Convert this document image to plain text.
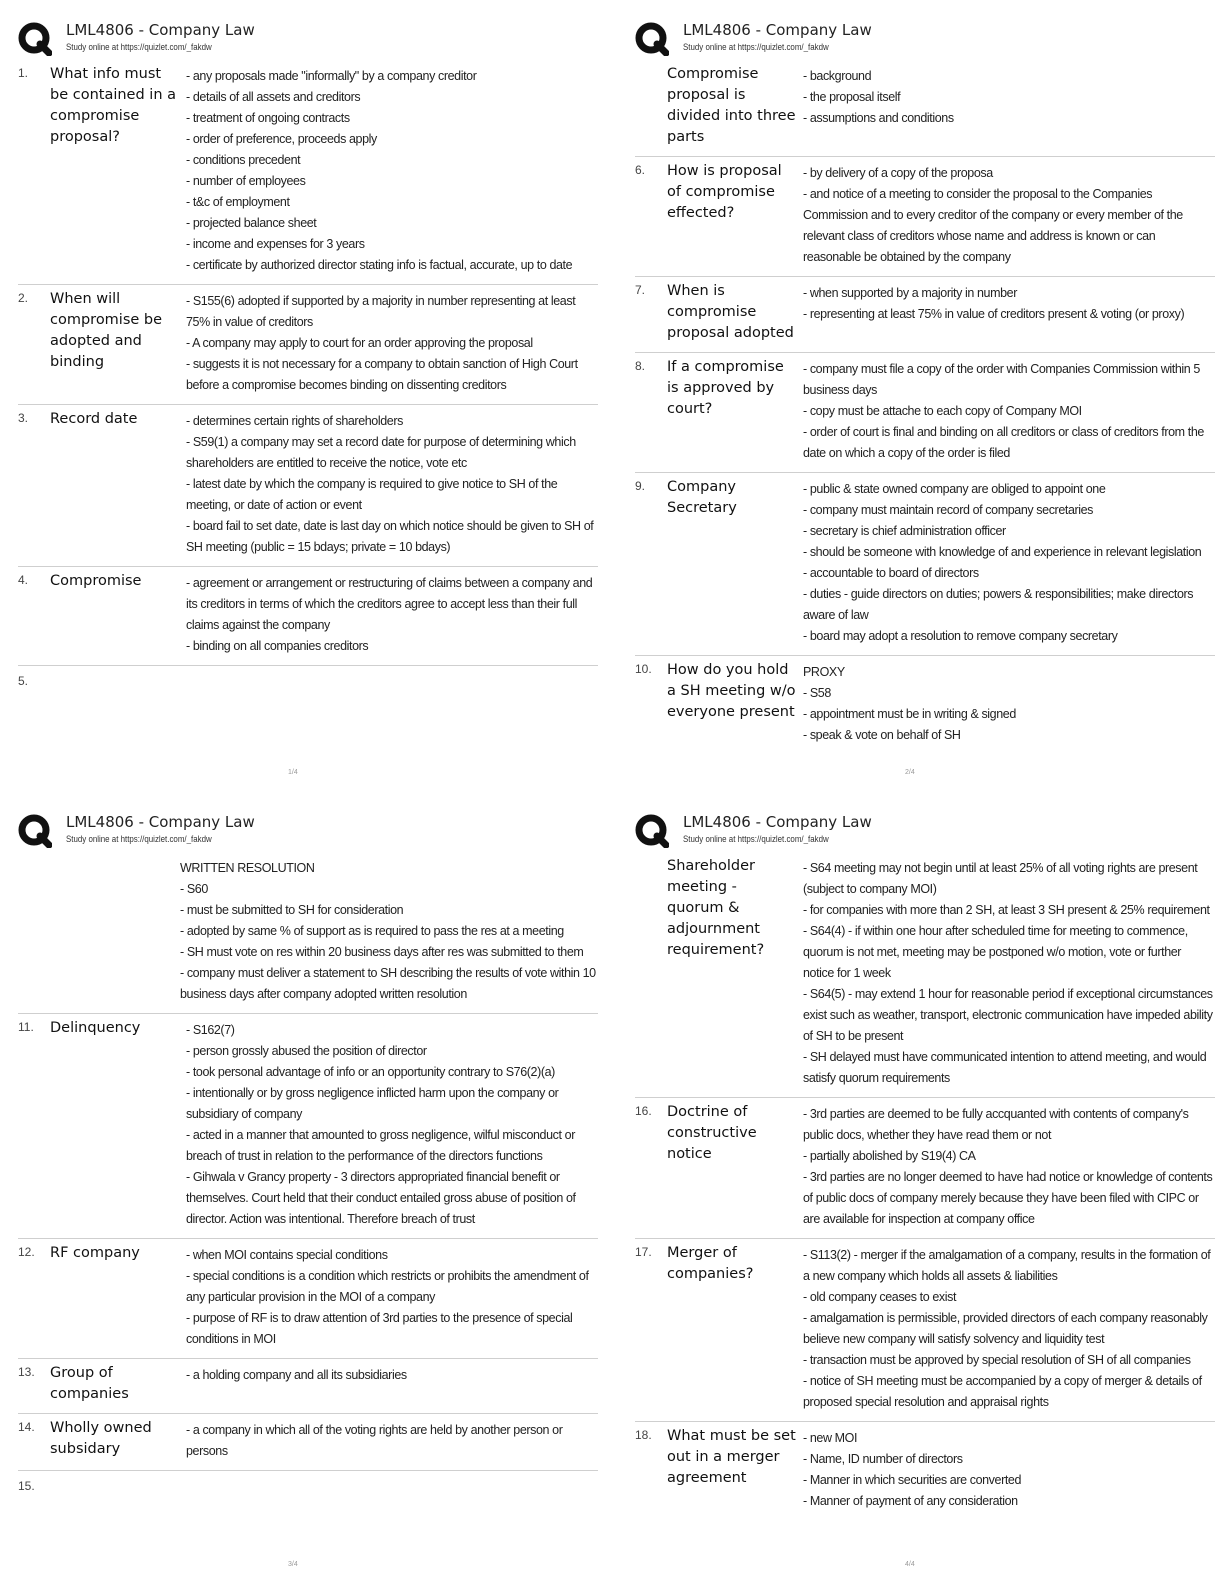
LML4806 - Company Law
Study online at https://quizlet.com/_fakdw
1.	What info must be contained in a compromise proposal?
- any proposals made "informally" by a company creditor
- details of all assets and creditors
- treatment of ongoing contracts
- order of preference, proceeds apply
- conditions precedent
- number of employees
- t&c of employment
- projected balance sheet
- income and expenses for 3 years
- certificate by authorized director stating info is factual, accurate, up to date
2.	When will compromise be adopted and binding
- S155(6) adopted if supported by a majority in number representing at least 75% in value of creditors
- A company may apply to court for an order approving the proposal
- suggests it is not necessary for a company to obtain sanction of High Court before a compromise becomes binding on dissenting creditors
3.	Record date	- determines certain rights of shareholders
- S59(1) a company may set a record date for purpose of determining which shareholders are entitled to receive the notice, vote etc
- latest date by which the company is required to give notice to SH of the meeting, or date of action or event
- board fail to set date, date is last day on which notice should be given to SH of SH meeting (public = 15 bdays; private = 10 bdays)
4.	Compromise	- agreement or arrangement or restructuring of claims between a company and its creditors in terms of which the creditors agree to accept less than their full claims against the company
- binding on all companies creditors
5.
1/4
LML4806 - Company Law
Study online at https://quizlet.com/_fakdw
Compromise proposal is divided into three parts
- background
- the proposal itself
- assumptions and conditions
6.	How is proposal of compromise effected?
- by delivery of a copy of the proposa
- and notice of a meeting to consider the proposal to the Companies Commission and to every creditor of the company or every member of the relevant class of creditors whose name and address is known or can reasonable be obtained by the company
7.	When is compromise proposal adopted
- when supported by a majority in number
- representing at least 75% in value of creditors present & voting (or proxy)
8.	If a compromise is approved by court?
- company must file a copy of the order with Companies Commission within 5 business days
- copy must be attache to each copy of Company MOI
- order of court is final and binding on all creditors or class of creditors from the date on which a copy of the order is filed
9.	Company Secretary
- public & state owned company are obliged to appoint one
- company must maintain record of company secretaries
- secretary is chief administration officer
- should be someone with knowledge of and experience in relevant legislation
- accountable to board of directors
- duties - guide directors on duties; powers & responsibilities; make directors aware of law
- board may adopt a resolution to remove company secretary
10.	How do you hold a SH meeting w/o everyone present
PROXY
- S58
- appointment must be in writing & signed
- speak & vote on behalf of SH
2/4
LML4806 - Company Law
Study online at https://quizlet.com/_fakdw
WRITTEN RESOLUTION
- S60
- must be submitted to SH for consideration
- adopted by same % of support as is required to pass the res at a meeting
- SH must vote on res within 20 business days after res was submitted to them
- company must deliver a statement to SH describing the results of vote within 10 business days after company adopted written resolution
11.	Delinquency	- S162(7)
- person grossly abused the position of director
- took personal advantage of info or an opportunity contrary to S76(2)(a)
- intentionally or by gross negligence inflicted harm upon the company or subsidiary of company
- acted in a manner that amounted to gross negligence, wilful misconduct or breach of trust in relation to the performance of the directors functions
- Gihwala v Grancy property - 3 directors appropriated financial benefit or themselves. Court held that their conduct entailed gross abuse of position of director. Action was intentional. Therefore breach of trust
12.	RF company	- when MOI contains special conditions
- special conditions is a condition which restricts or prohibits the amendment of any particular provision in the MOI of a company
- purpose of RF is to draw attention of 3rd parties to the presence of special conditions in MOI
13.	Group of companies
- a holding company and all its subsidiaries
14.	Wholly owned subsidary
- a company in which all of the voting rights are held by another person or persons
15.
3/4
LML4806 - Company Law
Study online at https://quizlet.com/_fakdw
Shareholder meeting - quorum & adjournment requirement?
- S64 meeting may not begin until at least 25% of all voting rights are present (subject to company MOI)
- for companies with more than 2 SH, at least 3 SH present & 25% requirement
- S64(4) - if within one hour after scheduled time for meeting to commence, quorum is not met, meeting may be postponed w/o motion, vote or further notice for 1 week
- S64(5) - may extend 1 hour for reasonable period if exceptional circumstances exist such as weather, transport, electronic communication have impeded ability of SH to be present
- SH delayed must have communicated intention to attend meeting, and would satisfy quorum requirements
16.	Doctrine of constructive notice
- 3rd parties are deemed to be fully accquanted with contents of company's public docs, whether they have read them or not
- partially abolished by S19(4) CA
- 3rd parties are no longer deemed to have had notice or knowledge of contents of public docs of company merely because they have been filed with CIPC or are available for inspection at company office
17.	Merger of companies?
- S113(2) - merger if the amalgamation of a company, results in the formation of a new company which holds all assets & liabilities
- old company ceases to exist
- amalgamation is permissible, provided directors of each company reasonably believe new company will satisfy solvency and liquidity test
- transaction must be approved by special resolution of SH of all companies
- notice of SH meeting must be accompanied by a copy of merger & details of proposed special resolution and appraisal rights
18.	What must be set out in a merger agreement
- new MOI
- Name, ID number of directors
- Manner in which securities are converted
- Manner of payment of any consideration
4/4
